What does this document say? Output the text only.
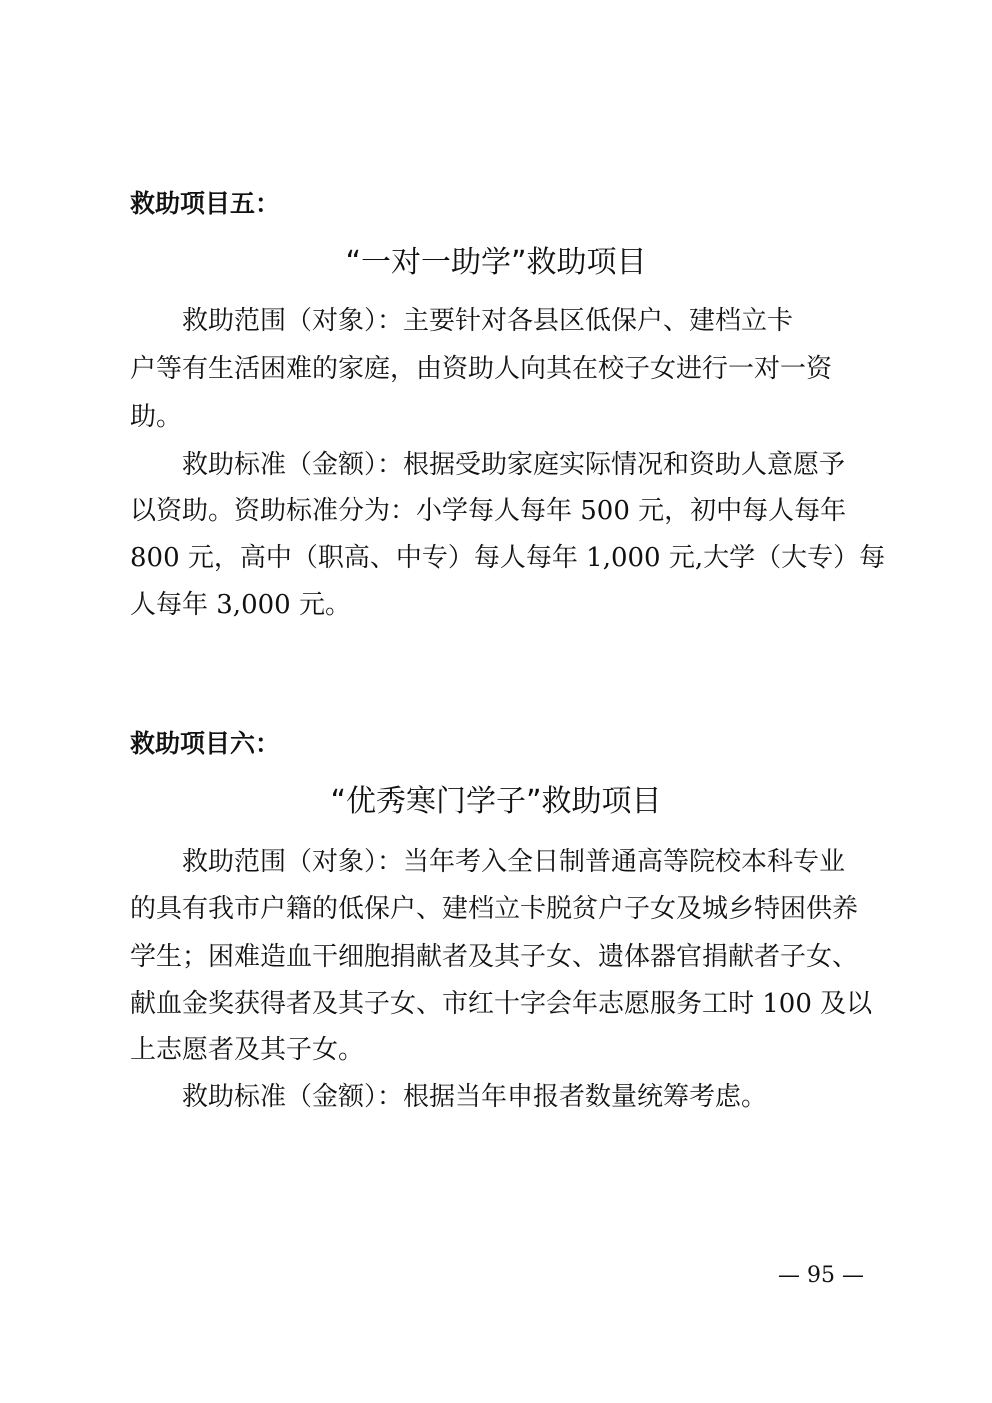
救助项目五：
“一对一助学”救助项目
救助范围（对象）：主要针对各县区低保户、建档立卡
户等有生活困难的家庭，由资助人向其在校子女进行一对一资
助。
救助标准（金额）：根据受助家庭实际情况和资助人意愿予
以资助。资助标准分为：小学每人每年 500 元，初中每人每年
800 元，高中（职高、中专）每人每年 1,000 元,大学（大专）每
人每年 3,000 元。
救助项目六：
“优秀寒门学子”救助项目
救助范围（对象）：当年考入全日制普通高等院校本科专业
的具有我市户籍的低保户、建档立卡脱贫户子女及城乡特困供养
学生；困难造血干细胞捐献者及其子女、遗体器官捐献者子女、
献血金奖获得者及其子女、市红十字会年志愿服务工时 100 及以
上志愿者及其子女。
救助标准（金额）：根据当年申报者数量统筹考虑。
— 95 —
